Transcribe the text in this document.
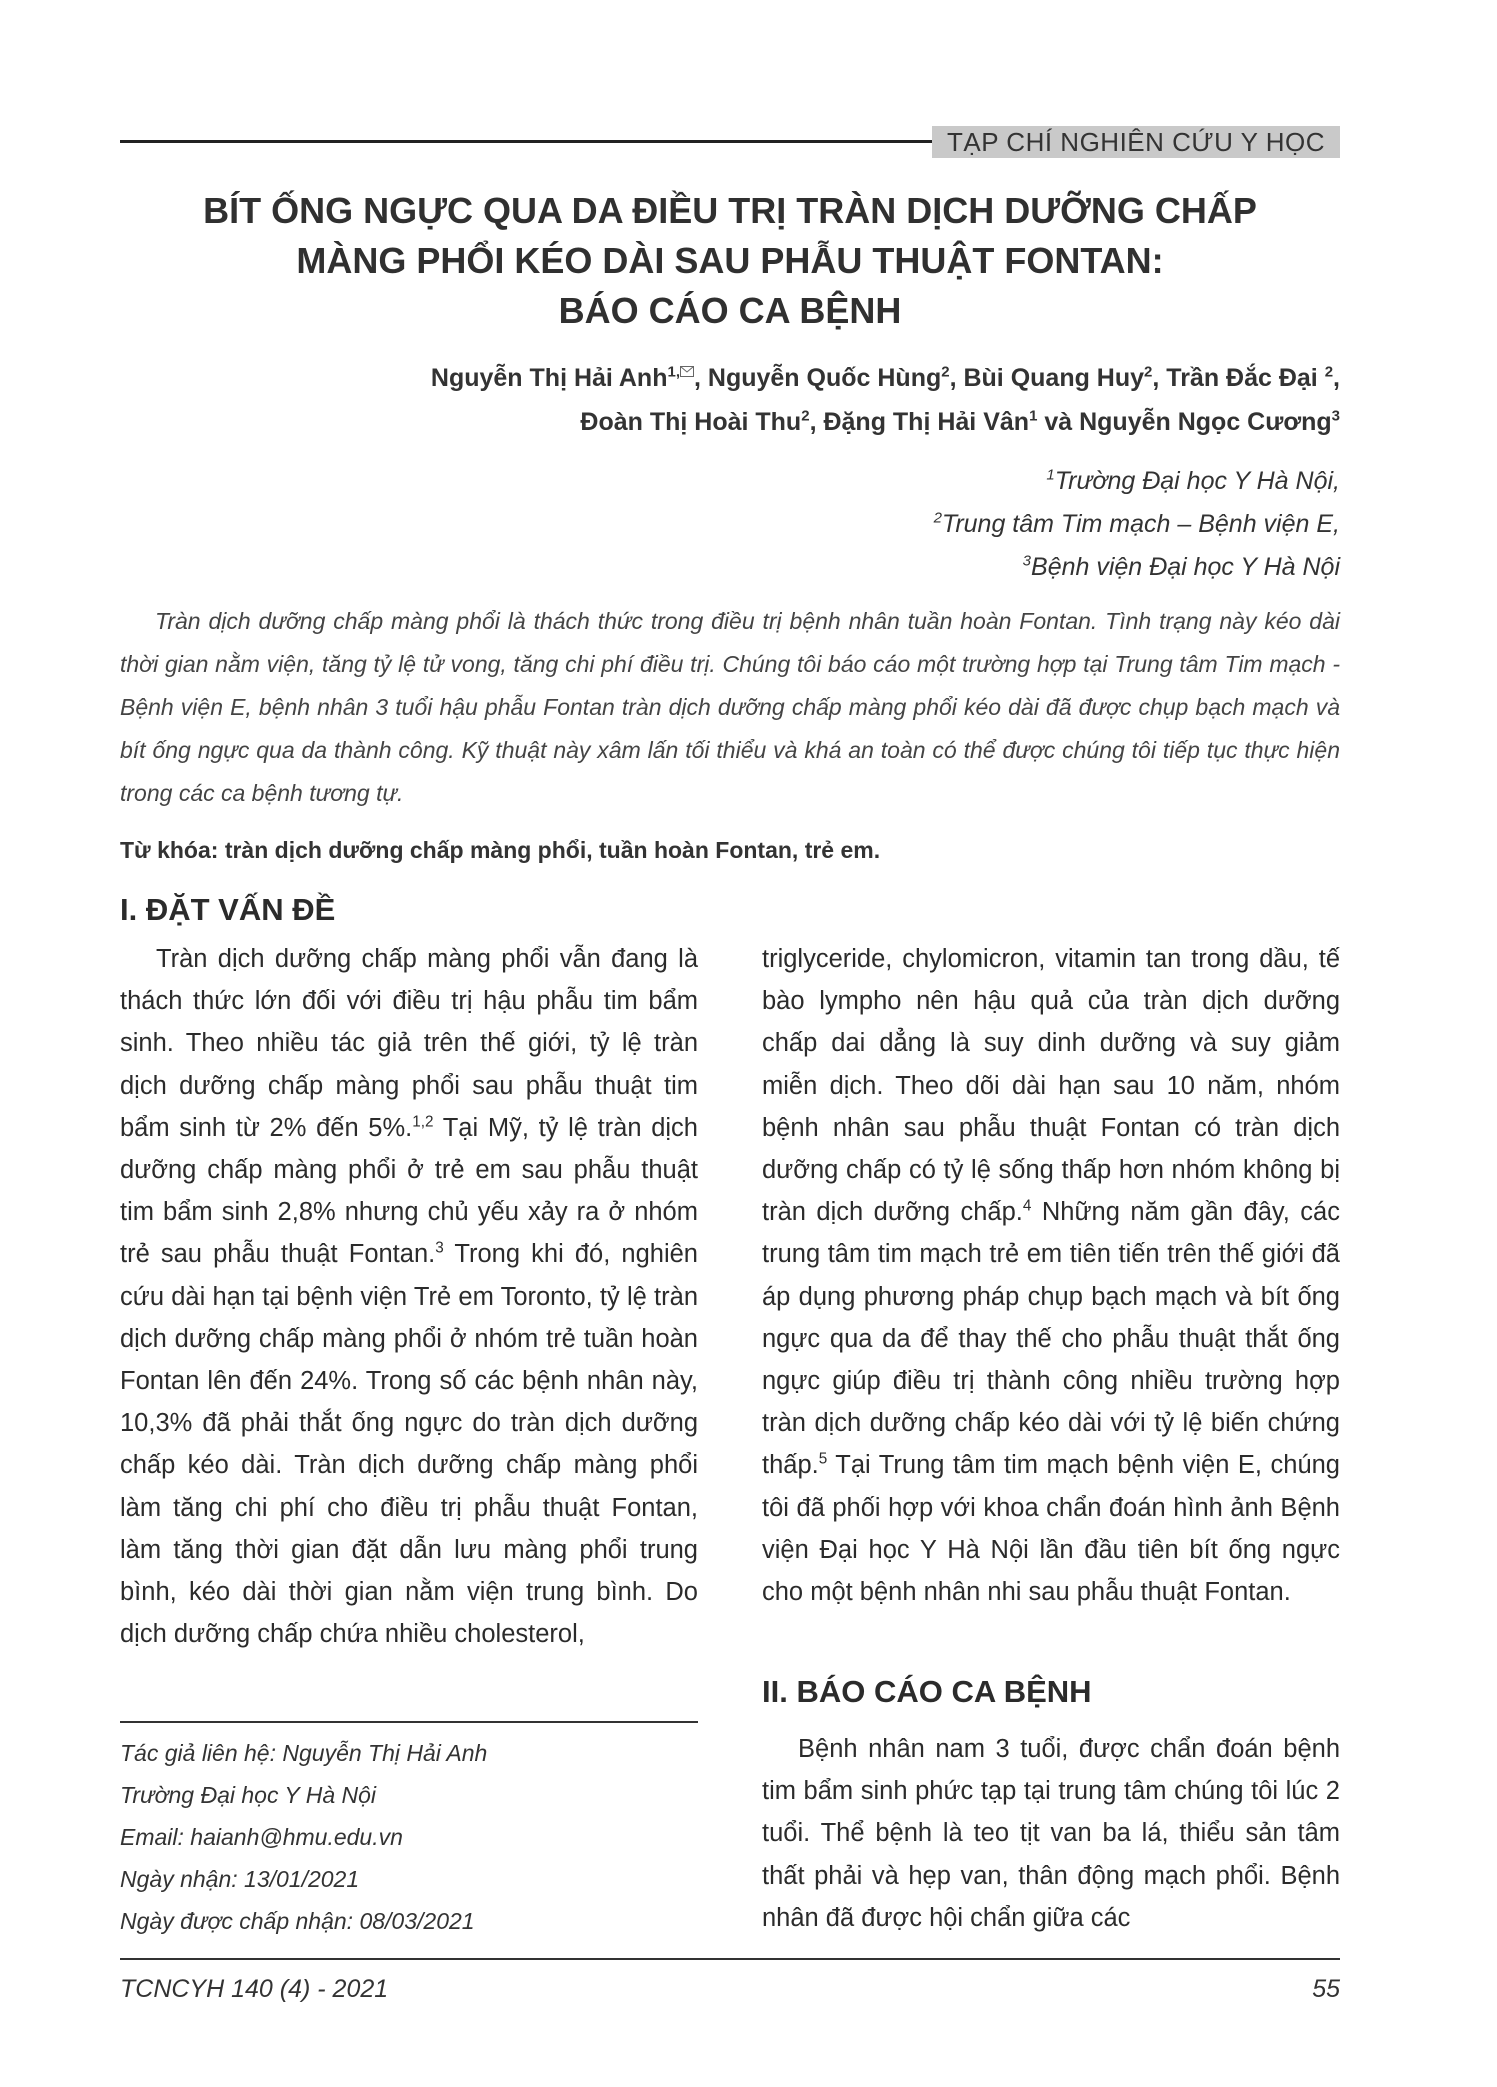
TẠP CHÍ NGHIÊN CỨU Y HỌC
BÍT ỐNG NGỰC QUA DA ĐIỀU TRỊ TRÀN DỊCH DƯỠNG CHẤP
MÀNG PHỔI KÉO DÀI SAU PHẪU THUẬT FONTAN:
BÁO CÁO CA BỆNH
Nguyễn Thị Hải Anh$^{1,}$ , Nguyễn Quốc Hùng$^2$, Bùi Quang Huy$^2$, Trần Đắc Đại $^2$,
Đoàn Thị Hoài Thu$^2$, Đặng Thị Hải Vân$^1$ và Nguyễn Ngọc Cương$^3$
$^1$Trường Đại học Y Hà Nội,
$^2$Trung tâm Tim mạch – Bệnh viện E,
$^3$Bệnh viện Đại học Y Hà Nội
Tràn dịch dưỡng chấp màng phổi là thách thức trong điều trị bệnh nhân tuần hoàn Fontan. Tình trạng này kéo dài thời gian nằm viện, tăng tỷ lệ tử vong, tăng chi phí điều trị. Chúng tôi báo cáo một trường hợp tại Trung tâm Tim mạch - Bệnh viện E, bệnh nhân 3 tuổi hậu phẫu Fontan tràn dịch dưỡng chấp màng phổi kéo dài đã được chụp bạch mạch và bít ống ngực qua da thành công. Kỹ thuật này xâm lấn tối thiểu và khá an toàn có thể được chúng tôi tiếp tục thực hiện trong các ca bệnh tương tự.
Từ khóa: tràn dịch dưỡng chấp màng phổi, tuần hoàn Fontan, trẻ em.
I. ĐẶT VẤN ĐỀ

Tràn dịch dưỡng chấp màng phổi vẫn đang là thách thức lớn đối với điều trị hậu phẫu tim bẩm sinh. Theo nhiều tác giả trên thế giới, tỷ lệ tràn dịch dưỡng chấp màng phổi sau phẫu thuật tim bẩm sinh từ 2% đến 5%.$^{1,2}$ Tại Mỹ, tỷ lệ tràn dịch dưỡng chấp màng phổi ở trẻ em sau phẫu thuật tim bẩm sinh 2,8% nhưng chủ yếu xảy ra ở nhóm trẻ sau phẫu thuật Fontan.$^3$ Trong khi đó, nghiên cứu dài hạn tại bệnh viện Trẻ em Toronto, tỷ lệ tràn dịch dưỡng chấp màng phổi ở nhóm trẻ tuần hoàn Fontan lên đến 24%. Trong số các bệnh nhân này, 10,3% đã phải thắt ống ngực do tràn dịch dưỡng chấp kéo dài. Tràn dịch dưỡng chấp màng phổi làm tăng chi phí cho điều trị phẫu thuật Fontan, làm tăng thời gian đặt dẫn lưu màng phổi trung bình, kéo dài thời gian nằm viện trung bình. Do dịch dưỡng chấp chứa nhiều cholesterol,

triglyceride, chylomicron, vitamin tan trong dầu, tế bào lympho nên hậu quả của tràn dịch dưỡng chấp dai dẳng là suy dinh dưỡng và suy giảm miễn dịch. Theo dõi dài hạn sau 10 năm, nhóm bệnh nhân sau phẫu thuật Fontan có tràn dịch dưỡng chấp có tỷ lệ sống thấp hơn nhóm không bị tràn dịch dưỡng chấp.$^4$ Những năm gần đây, các trung tâm tim mạch trẻ em tiên tiến trên thế giới đã áp dụng phương pháp chụp bạch mạch và bít ống ngực qua da để thay thế cho phẫu thuật thắt ống ngực giúp điều trị thành công nhiều trường hợp tràn dịch dưỡng chấp kéo dài với tỷ lệ biến chứng thấp.$^5$ Tại Trung tâm tim mạch bệnh viện E, chúng tôi đã phối hợp với khoa chẩn đoán hình ảnh Bệnh viện Đại học Y Hà Nội lần đầu tiên bít ống ngực cho một bệnh nhân nhi sau phẫu thuật Fontan.

II. BÁO CÁO CA BỆNH

Bệnh nhân nam 3 tuổi, được chẩn đoán bệnh tim bẩm sinh phức tạp tại trung tâm chúng tôi lúc 2 tuổi. Thể bệnh là teo tịt van ba lá, thiểu sản tâm thất phải và hẹp van, thân động mạch phổi. Bệnh nhân đã được hội chẩn giữa các

Tác giả liên hệ: Nguyễn Thị Hải Anh
Trường Đại học Y Hà Nội
Email: haianh@hmu.edu.vn
Ngày nhận: 13/01/2021
Ngày được chấp nhận: 08/03/2021
TCNCYH 140 (4) - 2021	55
